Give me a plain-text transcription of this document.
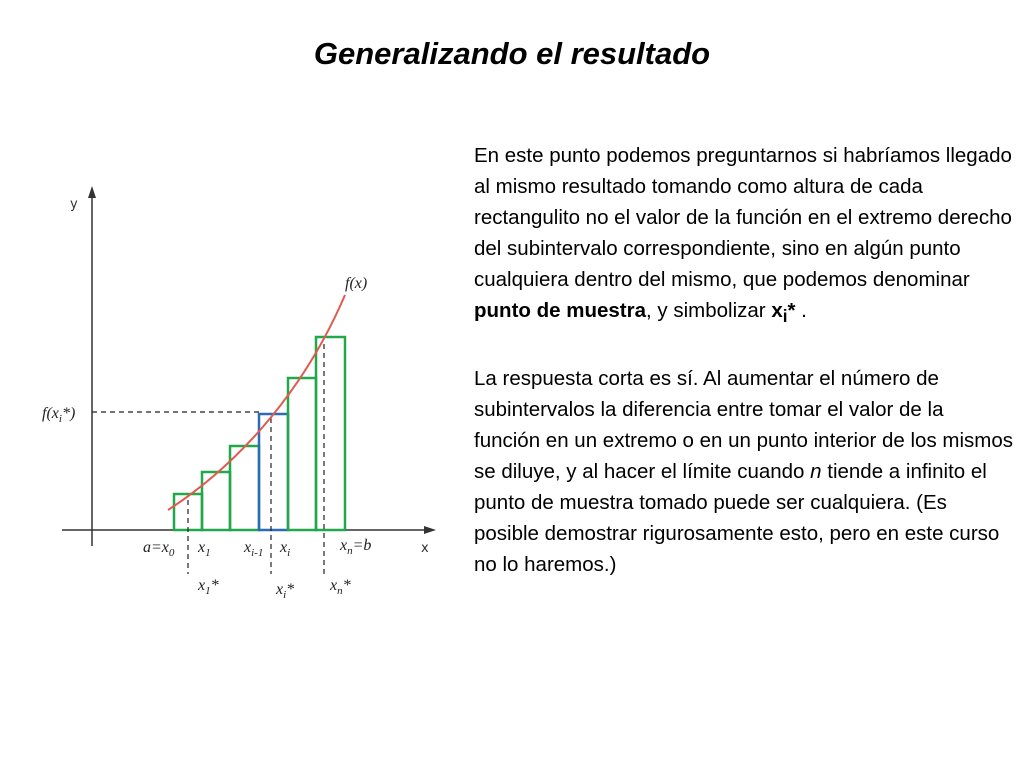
Generalizando el resultado
y
x
f(x)
$f(x_i*)$
$a=x_0$ $x_1$ $x_{i-1}$ $x_i$	$x_n=b$
$x_1*$	$x_i*$ $x_n*$

En este punto podemos preguntarnos si habríamos llegado al mismo resultado tomando como altura de cada rectangulito no el valor de la función en el extremo derecho del subintervalo correspondiente, sino en algún punto cualquiera dentro del mismo, que podemos denominar punto de muestra, y simbolizar $x_i*$ .

La respuesta corta es sí. Al aumentar el número de subintervalos la diferencia entre tomar el valor de la función en un extremo o en un punto interior de los mismos se diluye, y al hacer el límite cuando n tiende a infinito el punto de muestra tomado puede ser cualquiera. (Es posible demostrar rigurosamente esto, pero en este curso no lo haremos.)
